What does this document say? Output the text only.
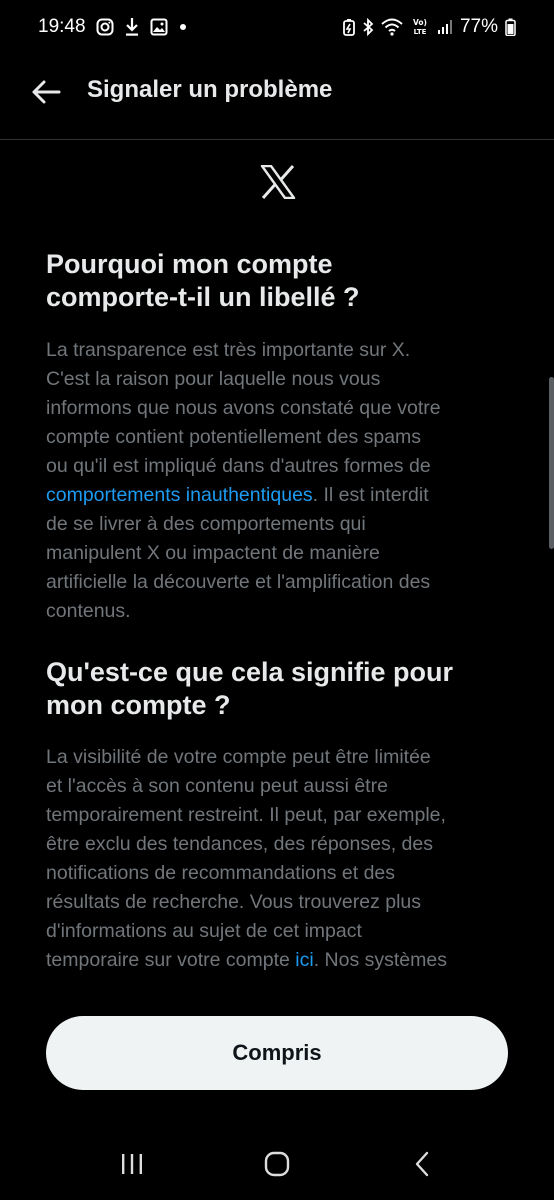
19:48	Vo)
LTE 77%
Signaler un problème
Pourquoi mon compte
comporte-t-il un libellé ?

La transparence est très importante sur X.
C'est la raison pour laquelle nous vous
informons que nous avons constaté que votre
compte contient potentiellement des spams
ou qu'il est impliqué dans d'autres formes de
comportements inauthentiques. Il est interdit
de se livrer à des comportements qui
manipulent X ou impactent de manière
artificielle la découverte et l'amplification des
contenus.

Qu'est-ce que cela signifie pour
mon compte ?

La visibilité de votre compte peut être limitée
et l'accès à son contenu peut aussi être
temporairement restreint. Il peut, par exemple,
être exclu des tendances, des réponses, des
notifications de recommandations et des
résultats de recherche. Vous trouverez plus
d'informations au sujet de cet impact
temporaire sur votre compte ici. Nos systèmes

Compris
